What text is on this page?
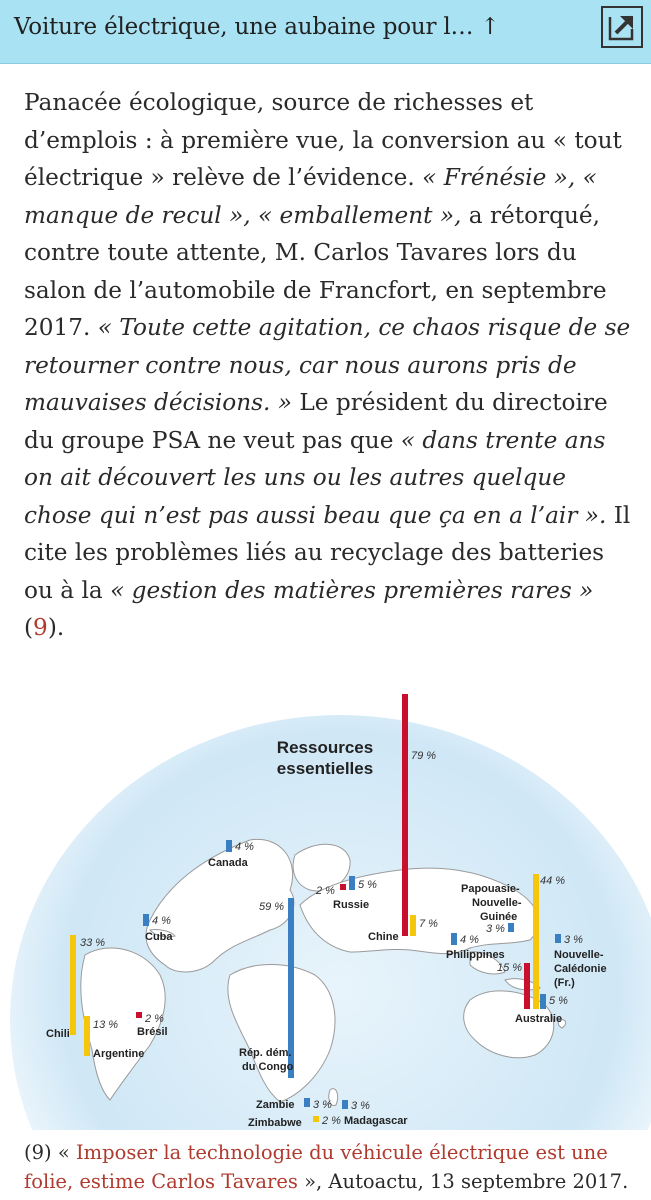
Voiture électrique, une aubaine pour l… ↑
Panacée écologique, source de richesses et d’emplois : à première vue, la conversion au « tout électrique » relève de l’évidence. « Frénésie », « manque de recul », « emballement », a rétorqué, contre toute attente, M. Carlos Tavares lors du salon de l’automobile de Francfort, en septembre 2017. « Toute cette agitation, ce chaos risque de se retourner contre nous, car nous aurons pris de mauvaises décisions. » Le président du directoire du groupe PSA ne veut pas que « dans trente ans on ait découvert les uns ou les autres quelque chose qui n’est pas aussi beau que ça en a l’air ». Il cite les problèmes liés au recyclage des batteries ou à la « gestion des matières premières rares » (9).
Ressources
essentielles
79 %
7 %
4 %
2 % 5 %
4 %
59 %
33 %
13 % 2 %
4 %
3 %
3 %
15 %
44 %
5 %
3 %
2 %
3 %
Canada
Russie
Chine
Cuba
Rép. dém.
du Congo
Chili
Argentine
Brésil
Philippines
Papouasie-
Nouvelle-
Guinée
Nouvelle-
Calédonie
(Fr.)
Australie
Zambie
Zimbabwe	Madagascar
(9) « Imposer la technologie du véhicule électrique est une folie, estime Carlos Tavares », Autoactu, 13 septembre 2017.
